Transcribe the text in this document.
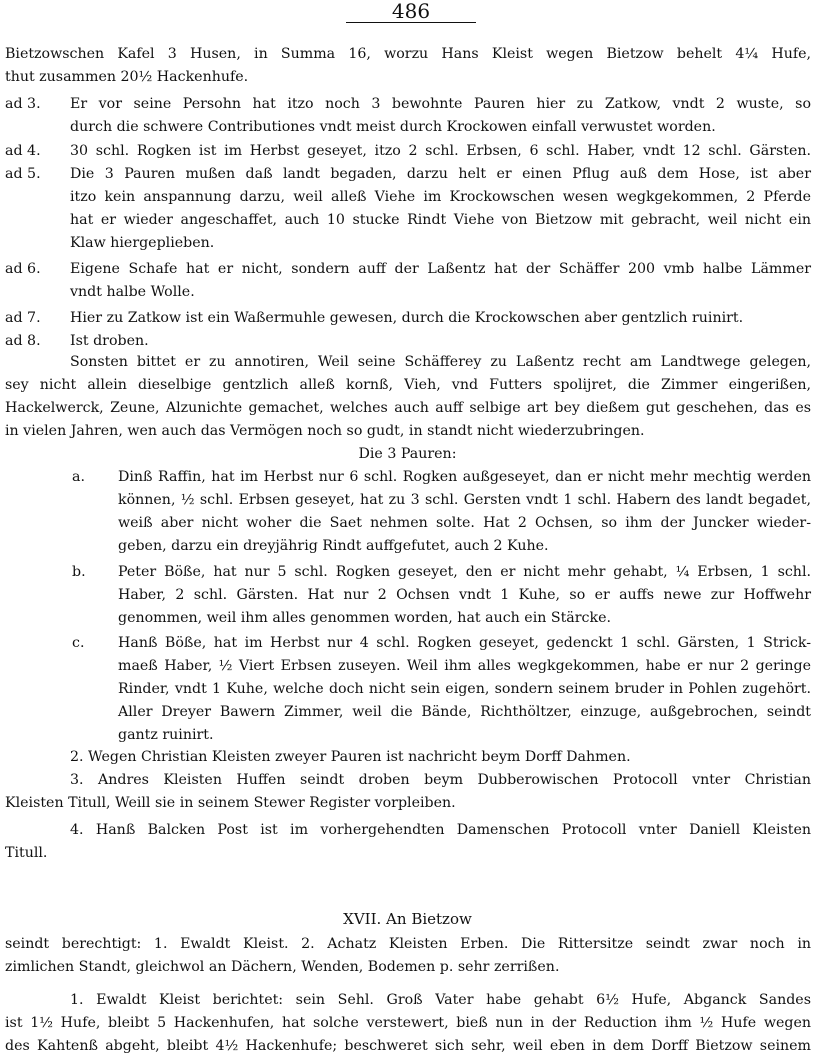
486
Bietzowschen Kafel 3 Husen, in Summa 16, worzu Hans Kleist wegen Bietzow behelt 4¼ Hufe,
thut zusammen 20½ Hackenhufe.
Er vor seine Persohn hat itzo noch 3 bewohnte Pauren hier zu Zatkow, vndt 2 wuste, so
durch die schwere Contributiones vndt meist durch Krockowen einfall verwustet worden.
30 schl. Rogken ist im Herbst geseyet, itzo 2 schl. Erbsen, 6 schl. Haber, vndt 12 schl. Gärsten.
Die 3 Pauren mußen daß landt begaden, darzu helt er einen Pflug auß dem Hose, ist aber
itzo kein anspannung darzu, weil alleß Viehe im Krockowschen wesen wegkgekommen, 2 Pferde
hat er wieder angeschaffet, auch 10 stucke Rindt Viehe von Bietzow mit gebracht, weil nicht ein
Klaw hiergeplieben.
Eigene Schafe hat er nicht, sondern auff der Laßentz hat der Schäffer 200 vmb halbe Lämmer
vndt halbe Wolle.
Hier zu Zatkow ist ein Waßermuhle gewesen, durch die Krockowschen aber gentzlich ruinirt.
Ist droben.
Sonsten bittet er zu annotiren, Weil seine Schäfferey zu Laßentz recht am Landtwege gelegen,
sey nicht allein dieselbige gentzlich alleß kornß, Vieh, vnd Futters spolijret, die Zimmer eingerißen,
Hackelwerck, Zeune, Alzunichte gemachet, welches auch auff selbige art bey dießem gut geschehen, das es
in vielen Jahren, wen auch das Vermögen noch so gudt, in standt nicht wiederzubringen.
Dinß Raffin, hat im Herbst nur 6 schl. Rogken außgeseyet, dan er nicht mehr mechtig werden
können, ½ schl. Erbsen geseyet, hat zu 3 schl. Gersten vndt 1 schl. Habern des landt begadet,
weiß aber nicht woher die Saet nehmen solte. Hat 2 Ochsen, so ihm der Juncker wieder-
geben, darzu ein dreyjährig Rindt auffgefutet, auch 2 Kuhe.
Peter Böße, hat nur 5 schl. Rogken geseyet, den er nicht mehr gehabt, ¼ Erbsen, 1 schl.
Haber, 2 schl. Gärsten. Hat nur 2 Ochsen vndt 1 Kuhe, so er auffs newe zur Hoffwehr
genommen, weil ihm alles genommen worden, hat auch ein Stärcke.
Hanß Böße, hat im Herbst nur 4 schl. Rogken geseyet, gedenckt 1 schl. Gärsten, 1 Strick-
maeß Haber, ½ Viert Erbsen zuseyen. Weil ihm alles wegkgekommen, habe er nur 2 geringe
Rinder, vndt 1 Kuhe, welche doch nicht sein eigen, sondern seinem bruder in Pohlen zugehört.
Aller Dreyer Bawern Zimmer, weil die Bände, Richthöltzer, einzuge, außgebrochen, seindt
gantz ruinirt.
2. Wegen Christian Kleisten zweyer Pauren ist nachricht beym Dorff Dahmen.
3. Andres Kleisten Huffen seindt droben beym Dubberowischen Protocoll vnter Christian
Kleisten Titull, Weill sie in seinem Stewer Register vorpleiben.
4. Hanß Balcken Post ist im vorhergehendten Damenschen Protocoll vnter Daniell Kleisten
Titull.
seindt berechtigt: 1. Ewaldt Kleist. 2. Achatz Kleisten Erben. Die Rittersitze seindt zwar noch in
zimlichen Standt, gleichwol an Dächern, Wenden, Bodemen p. sehr zerrißen.
1. Ewaldt Kleist berichtet: sein Sehl. Groß Vater habe gehabt 6½ Hufe, Abganck Sandes
ist 1½ Hufe, bleibt 5 Hackenhufen, hat solche verstewert, bieß nun in der Reduction ihm ½ Hufe wegen
des Kahtenß abgeht, bleibt 4½ Hackenhufe; beschweret sich sehr, weil eben in dem Dorff Bietzow seinem
ad 3.
ad 4.
ad 5.
ad 6.
ad 7.
ad 8.
a.
b.
c.
Die 3 Pauren:
XVII. An Bietzow
